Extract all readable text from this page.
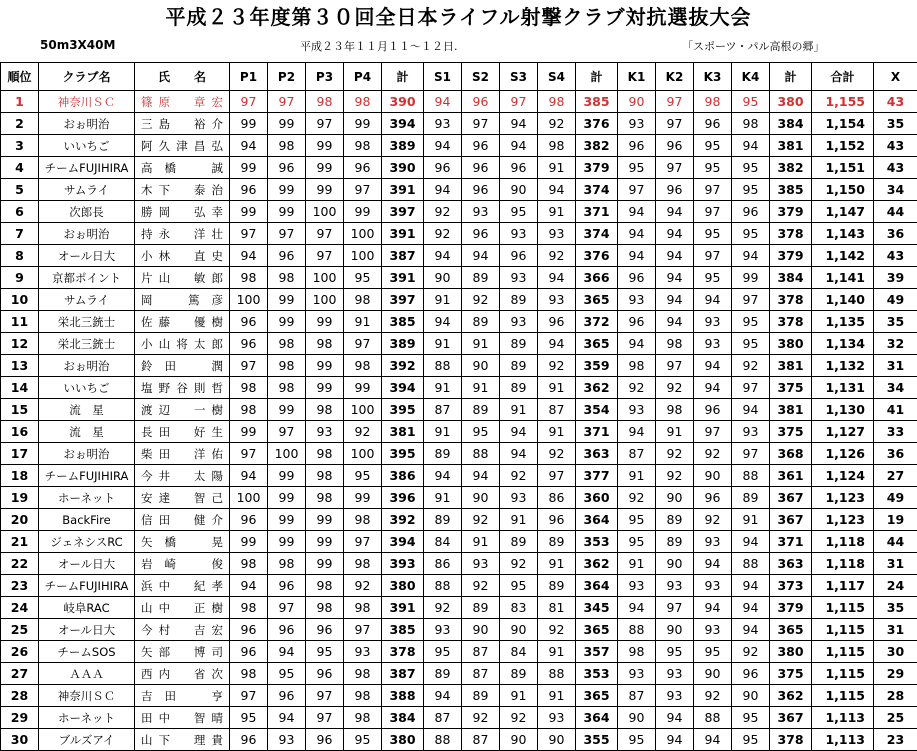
平成２３年度第３０回全日本ライフル射撃クラブ対抗選抜大会
50m3X40M	平成２３年１１月１１〜１２日.	「スポーツ・パル高根の郷」
順位	クラブ名	氏　　名	P1	P2	P3	P4	計	S1	S2	S3	S4	計	K1	K2	K3	K4	計	合計	X
1	神奈川ＳＣ	篠原　章宏	97	97	98	98	390	94	96	97	98	385	90	97	98	95	380	1,155	43
2	おぉ明治	三島　裕介	99	99	97	99	394	93	97	94	92	376	93	97	96	98	384	1,154	35
3	いいちご	阿久津昌弘	94	98	99	98	389	94	96	94	98	382	96	96	95	94	381	1,152	43
4	チームFUJIHIRA	高橋　誠	99	96	99	96	390	96	96	96	91	379	95	97	95	95	382	1,151	43
5	サムライ	木下　泰治	96	99	99	97	391	94	96	90	94	374	97	96	97	95	385	1,150	34
6	次郎長	勝岡　弘幸	99	99	100	99	397	92	93	95	91	371	94	94	97	96	379	1,147	44
7	おぉ明治	持永　洋壮	97	97	97	100	391	92	96	93	93	374	94	94	95	95	378	1,143	36
8	オール日大	小林　直史	94	96	97	100	387	94	94	96	92	376	94	94	97	94	379	1,142	43
9	京都ポイント	片山　敏郎	98	98	100	95	391	90	89	93	94	366	96	94	95	99	384	1,141	39
10	サムライ	岡　篤彦	100	99	100	98	397	91	92	89	93	365	93	94	94	97	378	1,140	49
11	栄北三銃士	佐藤　優樹	96	99	99	91	385	94	89	93	96	372	96	94	93	95	378	1,135	35
12	栄北三銃士	小山将太郎	96	98	98	97	389	91	91	89	94	365	94	98	93	95	380	1,134	32
13	おぉ明治	鈴田　潤	97	98	99	98	392	88	90	89	92	359	98	97	94	92	381	1,132	31
14	いいちご	塩野谷則哲	98	98	99	99	394	91	91	89	91	362	92	92	94	97	375	1,131	34
15	流　星	渡辺　一樹	98	99	98	100	395	87	89	91	87	354	93	98	96	94	381	1,130	41
16	流　星	長田　好生	99	97	93	92	381	91	95	94	91	371	94	91	97	93	375	1,127	33
17	おぉ明治	柴田　洋佑	97	100	98	100	395	89	88	94	92	363	87	92	92	97	368	1,126	36
18	チームFUJIHIRA	今井　太陽	94	99	98	95	386	94	94	92	97	377	91	92	90	88	361	1,124	27
19	ホーネット	安達　智己	100	99	98	99	396	91	90	93	86	360	92	90	96	89	367	1,123	49
20	BackFire	信田　健介	96	99	99	98	392	89	92	91	96	364	95	89	92	91	367	1,123	19
21	ジェネシスRC	矢橋　晃	99	99	99	97	394	84	91	89	89	353	95	89	93	94	371	1,118	44
22	オール日大	岩崎　俊	98	98	99	98	393	86	93	92	91	362	91	90	94	88	363	1,118	31
23	チームFUJIHIRA	浜中　紀孝	94	96	98	92	380	88	92	95	89	364	93	93	93	94	373	1,117	24
24	岐阜RAC	山中　正樹	98	97	98	98	391	92	89	83	81	345	94	97	94	94	379	1,115	35
25	オール日大	今村　吉宏	96	96	96	97	385	93	90	90	92	365	88	90	93	94	365	1,115	31
26	チームSOS	矢部　博司	96	94	95	93	378	95	87	84	91	357	98	95	95	92	380	1,115	30
27	ＡＡＡ	西内　省次	98	95	96	98	387	89	87	89	88	353	93	93	90	96	375	1,115	29
28	神奈川ＳＣ	吉田　亨	97	96	97	98	388	94	89	91	91	365	87	93	92	90	362	1,115	28
29	ホーネット	田中　智晴	95	94	97	98	384	87	92	92	93	364	90	94	88	95	367	1,113	25
30	ブルズアイ	山下　理貴	96	93	96	95	380	88	87	90	90	355	95	94	94	95	378	1,113	23
